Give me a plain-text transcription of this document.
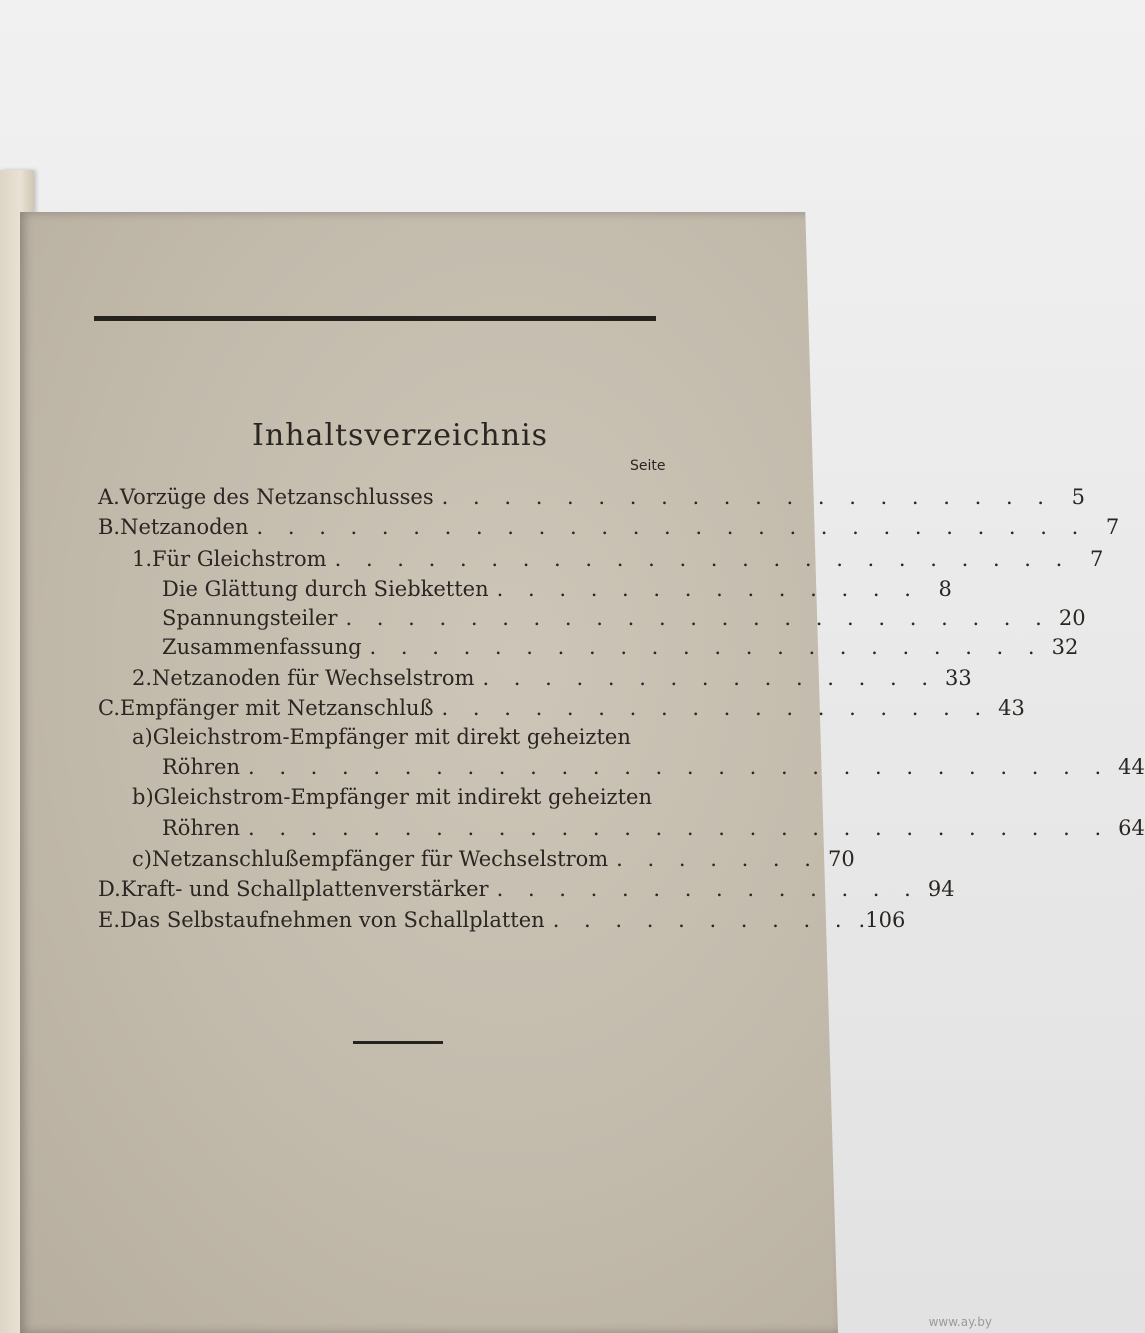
Inhaltsverzeichnis
Seite
A. Vorzüge des Netzanschlusses . . . . . . . . . . . . . . . . . . . . 5
B. Netzanoden . . . . . . . . . . . . . . . . . . . . . . . . . . . 7
1. Für Gleichstrom . . . . . . . . . . . . . . . . . . . . . . . . 7
Die Glättung durch Siebketten . . . . . . . . . . . . . . 8
Spannungsteiler . . . . . . . . . . . . . . . . . . . . . . . 20
Zusammenfassung . . . . . . . . . . . . . . . . . . . . . . 32
2. Netzanoden für Wechselstrom . . . . . . . . . . . . . . . 33
C. Empfänger mit Netzanschluß . . . . . . . . . . . . . . . . . . 43
a) Gleichstrom-Empfänger mit direkt geheizten
Röhren . . . . . . . . . . . . . . . . . . . . . . . . . . . . 44
b) Gleichstrom-Empfänger mit indirekt geheizten
Röhren . . . . . . . . . . . . . . . . . . . . . . . . . . . . 64
c) Netzanschlußempfänger für Wechselstrom . . . . . . . 70
D. Kraft- und Schallplattenverstärker . . . . . . . . . . . . . . 94
E. Das Selbstaufnehmen von Schallplatten . . . . . . . . . . .106
www.ay.by
